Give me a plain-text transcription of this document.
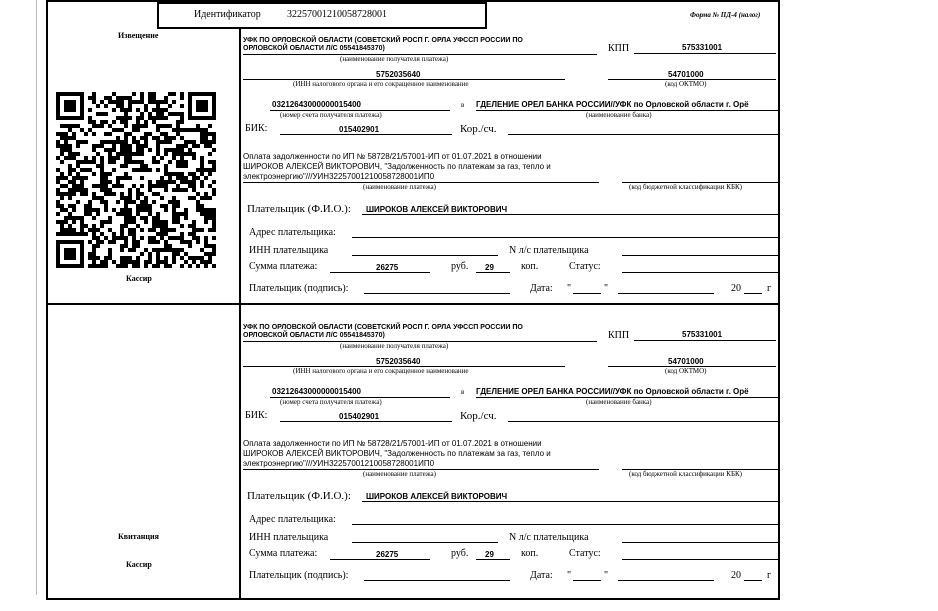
Идентификатор	32257001210058728001	Форма № ПД-4 (налог)
Извещение
Кассир
Квитанция
Кассир
УФК ПО ОРЛОВСКОЙ ОБЛАСТИ (СОВЕТСКИЙ РОСП Г. ОРЛА УФССП РОССИИ ПО
ОРЛОВСКОЙ ОБЛАСТИ Л/С 05541845370)
(наименование получателя платежа)
КПП	575331001
5752035640
(ИНН налогового органа и его сокращенное наименование
54701000
(код ОКТМО)
03212643000000015400
(номер счета получателя платежа)
в ГДЕЛЕНИЕ ОРЕЛ БАНКА РОССИИ//УФК по Орловской области г. Орё
(наименование банка)
БИК:	015402901	Кор./сч.
Оплата задолженности по ИП № 58728/21/57001-ИП от 01.07.2021 в отношении
ШИРОКОВ АЛЕКСЕЙ ВИКТОРОВИЧ, "Задолженность по платежам за газ, тепло и
электроэнергию"///УИН32257001210058728001ИП0
(наименование платежа)	(код бюджетной классификации КБК)
Плательщик (Ф.И.О.): ШИРОКОВ АЛЕКСЕЙ ВИКТОРОВИЧ
Адрес плательщика:
ИНН плательщика	N л/с плательщика
Сумма платежа:	26275	руб. 29	коп.	Статус:
Плательщик (подпись):	Дата: "	"	20	г
УФК ПО ОРЛОВСКОЙ ОБЛАСТИ (СОВЕТСКИЙ РОСП Г. ОРЛА УФССП РОССИИ ПО
ОРЛОВСКОЙ ОБЛАСТИ Л/С 05541845370)
(наименование получателя платежа)
КПП	575331001
5752035640
(ИНН налогового органа и его сокращенное наименование
54701000
(код ОКТМО)
03212643000000015400
(номер счета получателя платежа)
в ГДЕЛЕНИЕ ОРЕЛ БАНКА РОССИИ//УФК по Орловской области г. Орё
(наименование банка)
БИК:	015402901	Кор./сч.
Оплата задолженности по ИП № 58728/21/57001-ИП от 01.07.2021 в отношении
ШИРОКОВ АЛЕКСЕЙ ВИКТОРОВИЧ, "Задолженность по платежам за газ, тепло и
электроэнергию"///УИН32257001210058728001ИП0
(наименование платежа)	(код бюджетной классификации КБК)
Плательщик (Ф.И.О.): ШИРОКОВ АЛЕКСЕЙ ВИКТОРОВИЧ
Адрес плательщика:
ИНН плательщика	N л/с плательщика
Сумма платежа:	26275	руб. 29	коп.	Статус:
Плательщик (подпись):	Дата: "	"	20	г
